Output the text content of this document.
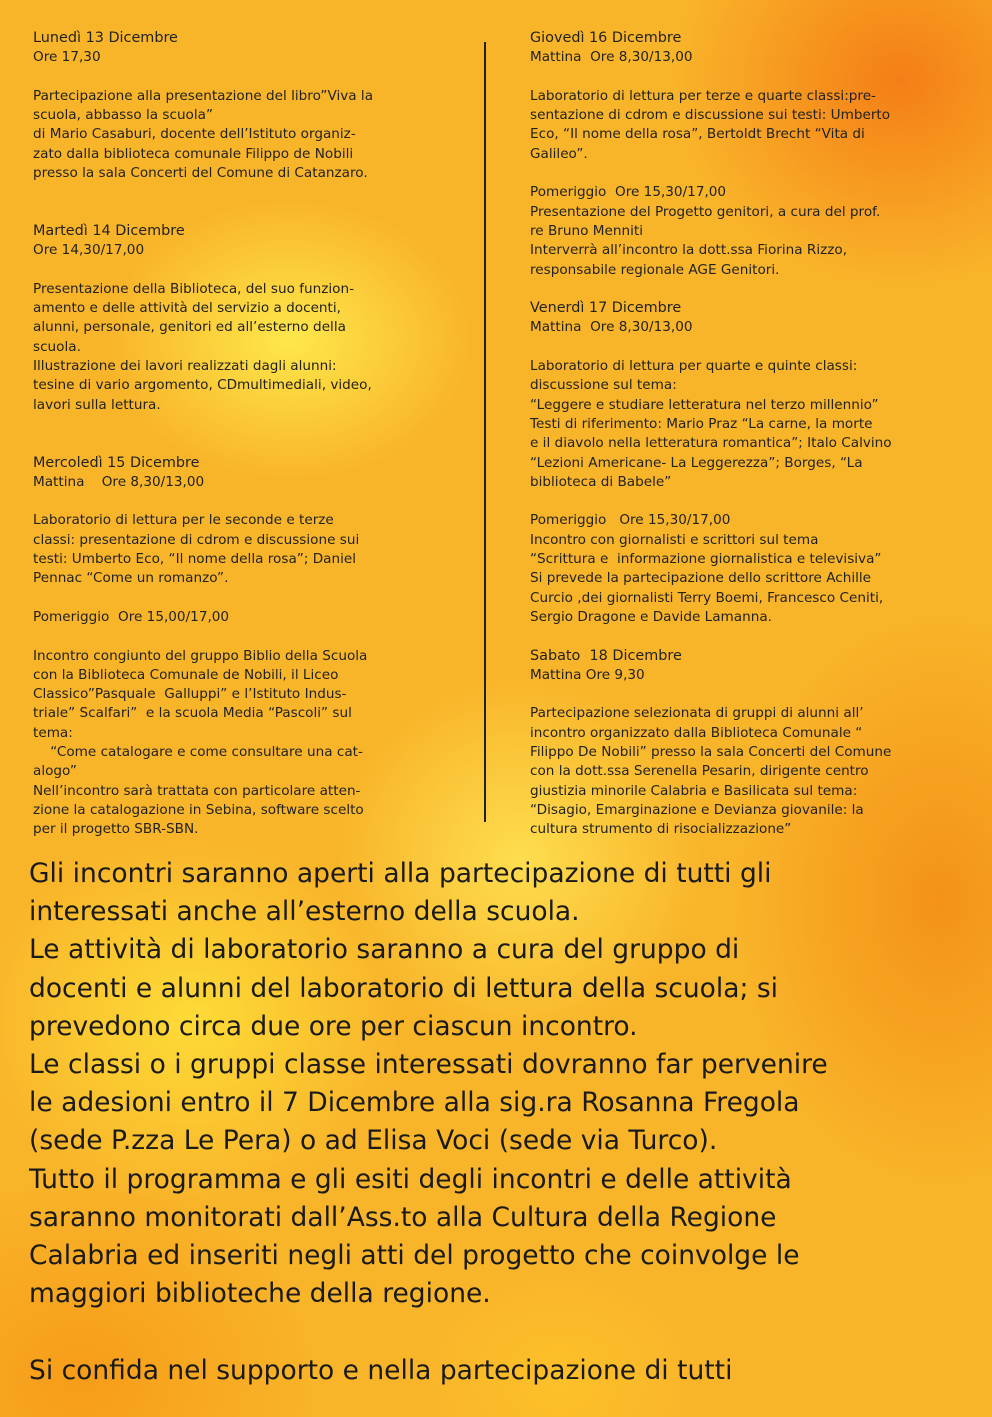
Lunedì 13 Dicembre
Ore 17,30
Partecipazione alla presentazione del libro”Viva la
scuola, abbasso la scuola”
di Mario Casaburi, docente dell’Istituto organiz-
zato dalla biblioteca comunale Filippo de Nobili
presso la sala Concerti del Comune di Catanzaro.
Martedì 14 Dicembre
Ore 14,30/17,00
Presentazione della Biblioteca, del suo funzion-
amento e delle attività del servizio a docenti,
alunni, personale, genitori ed all’esterno della
scuola.
Illustrazione dei lavori realizzati dagli alunni:
tesine di vario argomento, CDmultimediali, video,
lavori sulla lettura.
Mercoledì 15 Dicembre
Mattina    Ore 8,30/13,00
Laboratorio di lettura per le seconde e terze
classi: presentazione di cdrom e discussione sui
testi: Umberto Eco, “Il nome della rosa”; Daniel
Pennac “Come un romanzo”.
Pomeriggio  Ore 15,00/17,00
Incontro congiunto del gruppo Biblio della Scuola
con la Biblioteca Comunale de Nobili, il Liceo
Classico”Pasquale  Galluppi” e l’Istituto Indus-
triale” Scalfari”  e la scuola Media “Pascoli” sul
tema:
“Come catalogare e come consultare una cat-
alogo”
Nell’incontro sarà trattata con particolare atten-
zione la catalogazione in Sebina, software scelto
per il progetto SBR-SBN.
Giovedì 16 Dicembre
Mattina  Ore 8,30/13,00
Laboratorio di lettura per terze e quarte classi:pre-
sentazione di cdrom e discussione sui testi: Umberto
Eco, “Il nome della rosa”, Bertoldt Brecht “Vita di
Galileo”.
Pomeriggio  Ore 15,30/17,00
Presentazione del Progetto genitori, a cura del prof.
re Bruno Menniti
Interverrà all’incontro la dott.ssa Fiorina Rizzo,
responsabile regionale AGE Genitori.
Venerdì 17 Dicembre
Mattina  Ore 8,30/13,00
Laboratorio di lettura per quarte e quinte classi:
discussione sul tema:
“Leggere e studiare letteratura nel terzo millennio”
Testi di riferimento: Mario Praz “La carne, la morte
e il diavolo nella letteratura romantica”; Italo Calvino
“Lezioni Americane- La Leggerezza”; Borges, “La
biblioteca di Babele”
Pomeriggio   Ore 15,30/17,00
Incontro con giornalisti e scrittori sul tema
“Scrittura e  informazione giornalistica e televisiva”
Si prevede la partecipazione dello scrittore Achille
Curcio ,dei giornalisti Terry Boemi, Francesco Ceniti,
Sergio Dragone e Davide Lamanna.
Sabato  18 Dicembre
Mattina Ore 9,30
Partecipazione selezionata di gruppi di alunni all’
incontro organizzato dalla Biblioteca Comunale “
Filippo De Nobili” presso la sala Concerti del Comune
con la dott.ssa Serenella Pesarin, dirigente centro
giustizia minorile Calabria e Basilicata sul tema:
“Disagio, Emarginazione e Devianza giovanile: la
cultura strumento di risocializzazione”
Gli incontri saranno aperti alla partecipazione di tutti gli
interessati anche all’esterno della scuola.
Le attività di laboratorio saranno a cura del gruppo di
docenti e alunni del laboratorio di lettura della scuola; si
prevedono circa due ore per ciascun incontro.
Le classi o i gruppi classe interessati dovranno far pervenire
le adesioni entro il 7 Dicembre alla sig.ra Rosanna Fregola
(sede P.zza Le Pera) o ad Elisa Voci (sede via Turco).
Tutto il programma e gli esiti degli incontri e delle attività
saranno monitorati dall’Ass.to alla Cultura della Regione
Calabria ed inseriti negli atti del progetto che coinvolge le
maggiori biblioteche della regione.
Si confida nel supporto e nella partecipazione di tutti
